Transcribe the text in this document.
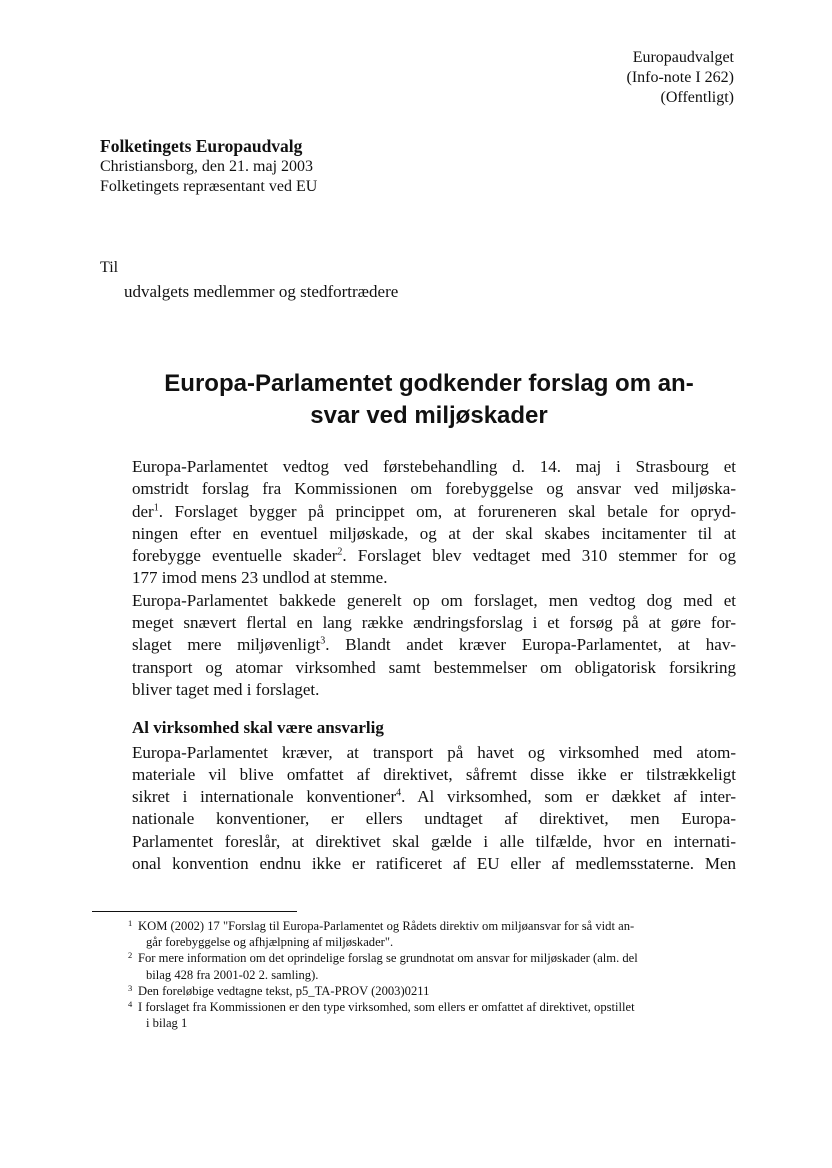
Europaudvalget
(Info-note I 262)
(Offentligt)
Folketingets Europaudvalg
Christiansborg, den 21. maj 2003
Folketingets repræsentant ved EU
Til
udvalgets medlemmer og stedfortrædere
Europa-Parlamentet godkender forslag om an-
svar ved miljøskader
Europa-Parlamentet vedtog ved førstebehandling d. 14. maj i Strasbourg et
omstridt forslag fra Kommissionen om forebyggelse og ansvar ved miljøska-
der$^1$. Forslaget bygger på princippet om, at forureneren skal betale for opryd-
ningen efter en eventuel miljøskade, og at der skal skabes incitamenter til at
forebygge eventuelle skader$^2$. Forslaget blev vedtaget med 310 stemmer for og
177 imod mens 23 undlod at stemme.
Europa-Parlamentet bakkede generelt op om forslaget, men vedtog dog med et
meget snævert flertal en lang række ændringsforslag i et forsøg på at gøre for-
slaget mere miljøvenligt$^3$. Blandt andet kræver Europa-Parlamentet, at hav-
transport og atomar virksomhed samt bestemmelser om obligatorisk forsikring
bliver taget med i forslaget.
Al virksomhed skal være ansvarlig
Europa-Parlamentet kræver, at transport på havet og virksomhed med atom-
materiale vil blive omfattet af direktivet, såfremt disse ikke er tilstrækkeligt
sikret i internationale konventioner$^4$. Al virksomhed, som er dækket af inter-
nationale konventioner, er ellers undtaget af direktivet, men Europa-
Parlamentet foreslår, at direktivet skal gælde i alle tilfælde, hvor en internati-
onal konvention endnu ikke er ratificeret af EU eller af medlemsstaterne. Men
1 KOM (2002) 17 "Forslag til Europa-Parlamentet og Rådets direktiv om miljøansvar for så vidt an-
går forebyggelse og afhjælpning af miljøskader".
2 For mere information om det oprindelige forslag se grundnotat om ansvar for miljøskader (alm. del
bilag 428 fra 2001-02 2. samling).
3 Den foreløbige vedtagne tekst, p5_TA-PROV (2003)0211
4 I forslaget fra Kommissionen er den type virksomhed, som ellers er omfattet af direktivet, opstillet
i bilag 1
